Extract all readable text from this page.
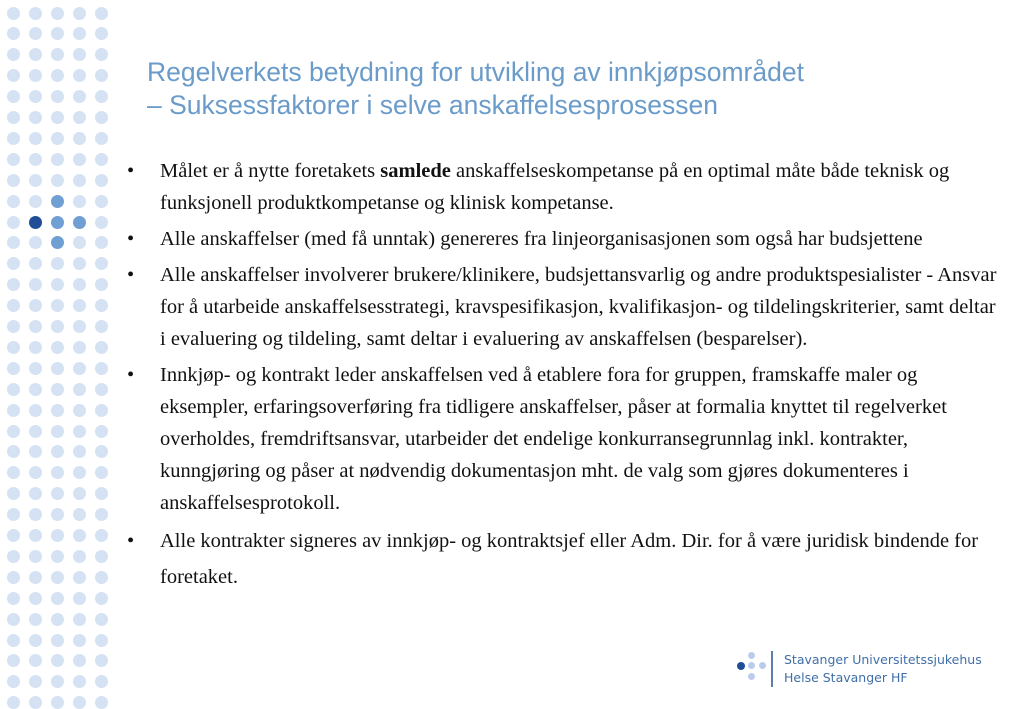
Regelverkets betydning for utvikling av innkjøpsområdet
– Suksessfaktorer i selve anskaffelsesprosessen
• Målet er å nytte foretakets samlede anskaffelseskompetanse på en optimal måte både teknisk og funksjonell produktkompetanse og klinisk kompetanse.
• Alle anskaffelser (med få unntak) genereres fra linjeorganisasjonen som også har budsjettene
• Alle anskaffelser involverer brukere/klinikere, budsjettansvarlig og andre produktspesialister - Ansvar for å utarbeide anskaffelsesstrategi, kravspesifikasjon, kvalifikasjon- og tildelingskriterier, samt deltar i evaluering og tildeling, samt deltar i evaluering av anskaffelsen (besparelser).
• Innkjøp- og kontrakt leder anskaffelsen ved å etablere fora for gruppen, framskaffe maler og eksempler, erfaringsoverføring fra tidligere anskaffelser, påser at formalia knyttet til regelverket overholdes, fremdriftsansvar, utarbeider det endelige konkurransegrunnlag inkl. kontrakter, kunngjøring og påser at nødvendig dokumentasjon mht. de valg som gjøres dokumenteres i anskaffelsesprotokoll.
• Alle kontrakter signeres av innkjøp- og kontraktsjef eller Adm. Dir. for å være juridisk bindende for foretaket.
Stavanger Universitetssjukehus
Helse Stavanger HF
